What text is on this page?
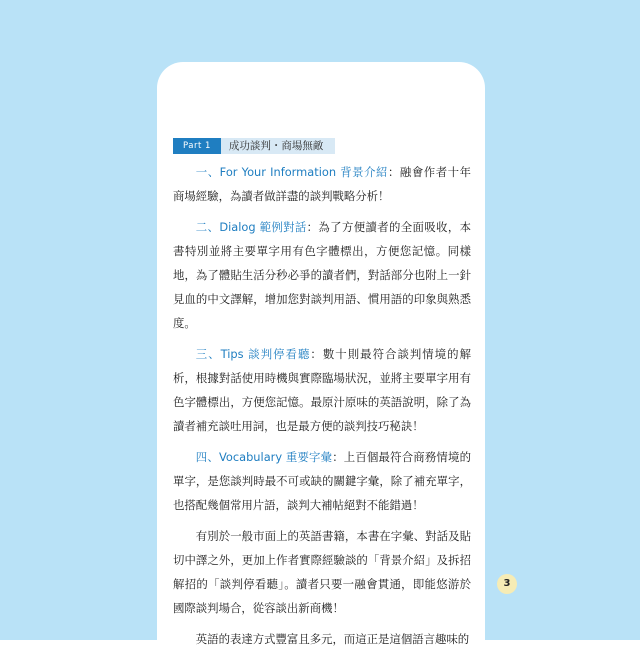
Part 1	成功談判・商場無敵

一、For Your Information 背景介紹：融會作者十年商場經驗，為讀者做詳盡的談判戰略分析！

二、Dialog 範例對話：為了方便讀者的全面吸收，本書特別並將主要單字用有色字體標出，方便您記憶。同樣地，為了體貼生活分秒必爭的讀者們，對話部分也附上一針見血的中文譯解，增加您對談判用語、慣用語的印象與熟悉度。

三、Tips 談判停看聽：數十則最符合談判情境的解析，根據對話使用時機與實際臨場狀況，並將主要單字用有色字體標出，方便您記憶。最原汁原味的英語說明，除了為讀者補充談吐用詞，也是最方便的談判技巧秘訣！

四、Vocabulary 重要字彙：上百個最符合商務情境的單字，是您談判時最不可或缺的關鍵字彙，除了補充單字，也搭配幾個常用片語，談判大補帖絕對不能錯過！

有別於一般市面上的英語書籍，本書在字彙、對話及貼切中譯之外，更加上作者實際經驗談的「背景介紹」及拆招解招的「談判停看聽」。讀者只要一融會貫通，即能悠游於國際談判場合，從容談出新商機！

英語的表達方式豐富且多元，而這正是這個語言趣味的

3
